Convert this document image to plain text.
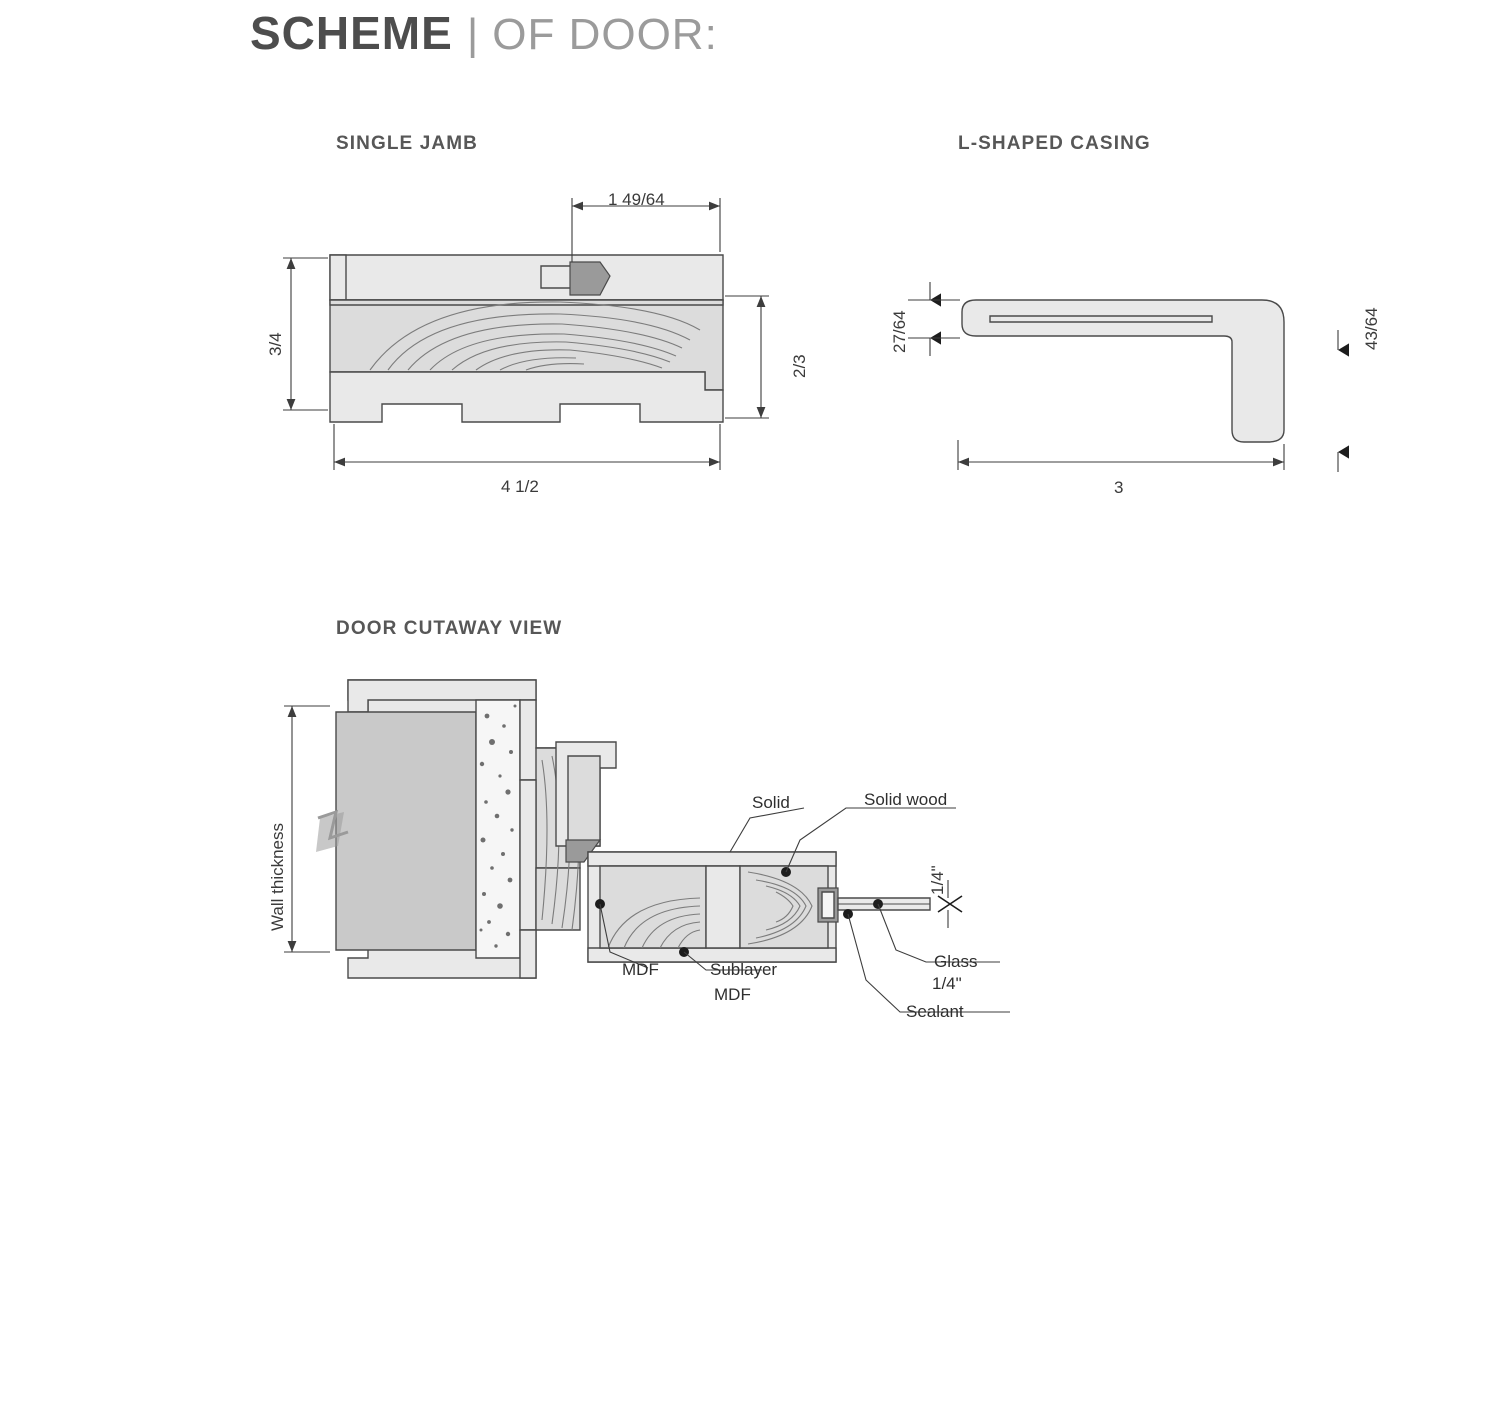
SCHEME | OF DOOR:
SINGLE JAMB	L-SHAPED CASING
DOOR CUTAWAY VIEW
1 49/64
3/4
2/3
4 1/2
27/64	43/64
3
Wall thickness	1/4"
Solid	Solid wood
MDF	Sublayer
MDF
Glass
1/4"
Sealant
